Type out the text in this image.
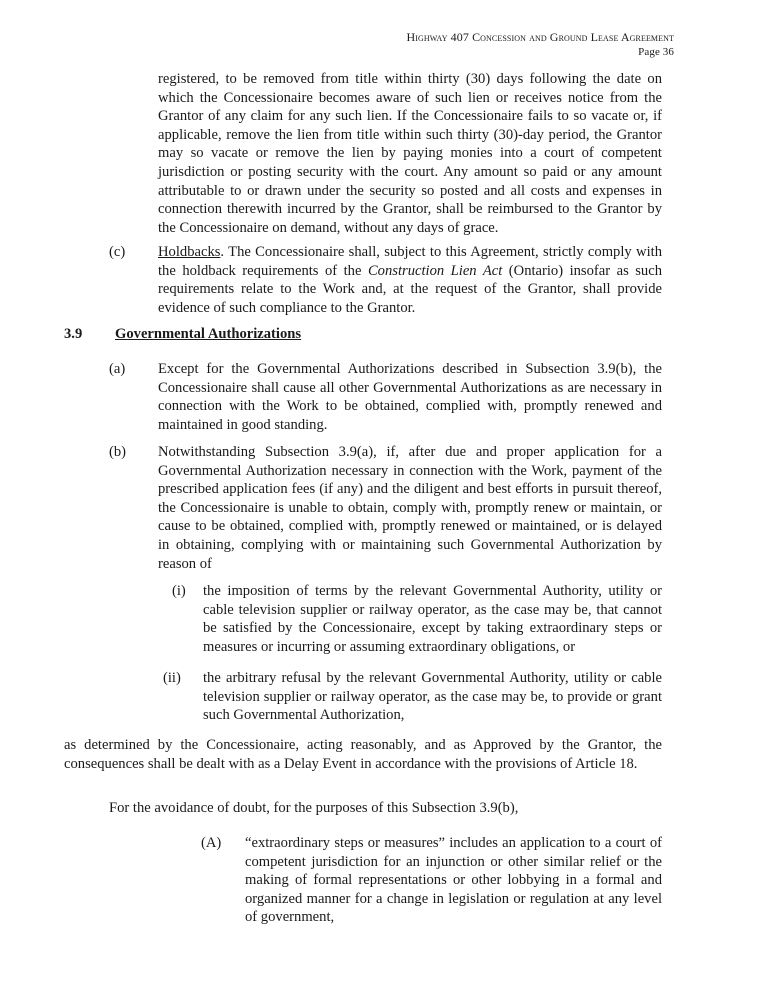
Highway 407 Concession and Ground Lease Agreement
Page 36
registered, to be removed from title within thirty (30) days following the date on which the Concessionaire becomes aware of such lien or receives notice from the Grantor of any claim for any such lien. If the Concessionaire fails to so vacate or, if applicable, remove the lien from title within such thirty (30)-day period, the Grantor may so vacate or remove the lien by paying monies into a court of competent jurisdiction or posting security with the court. Any amount so paid or any amount attributable to or drawn under the security so posted and all costs and expenses in connection therewith incurred by the Grantor, shall be reimbursed to the Grantor by the Concessionaire on demand, without any days of grace.
(c) Holdbacks. The Concessionaire shall, subject to this Agreement, strictly comply with the holdback requirements of the Construction Lien Act (Ontario) insofar as such requirements relate to the Work and, at the request of the Grantor, shall provide evidence of such compliance to the Grantor.
3.9 Governmental Authorizations
(a) Except for the Governmental Authorizations described in Subsection 3.9(b), the Concessionaire shall cause all other Governmental Authorizations as are necessary in connection with the Work to be obtained, complied with, promptly renewed and maintained in good standing.
(b) Notwithstanding Subsection 3.9(a), if, after due and proper application for a Governmental Authorization necessary in connection with the Work, payment of the prescribed application fees (if any) and the diligent and best efforts in pursuit thereof, the Concessionaire is unable to obtain, comply with, promptly renew or maintain, or cause to be obtained, complied with, promptly renewed or maintained, or is delayed in obtaining, complying with or maintaining such Governmental Authorization by reason of
(i) the imposition of terms by the relevant Governmental Authority, utility or cable television supplier or railway operator, as the case may be, that cannot be satisfied by the Concessionaire, except by taking extraordinary steps or measures or incurring or assuming extraordinary obligations, or
(ii) the arbitrary refusal by the relevant Governmental Authority, utility or cable television supplier or railway operator, as the case may be, to provide or grant such Governmental Authorization,
as determined by the Concessionaire, acting reasonably, and as Approved by the Grantor, the consequences shall be dealt with as a Delay Event in accordance with the provisions of Article 18.
For the avoidance of doubt, for the purposes of this Subsection 3.9(b),
(A) “extraordinary steps or measures” includes an application to a court of competent jurisdiction for an injunction or other similar relief or the making of formal representations or other lobbying in a formal and organized manner for a change in legislation or regulation at any level of government,
